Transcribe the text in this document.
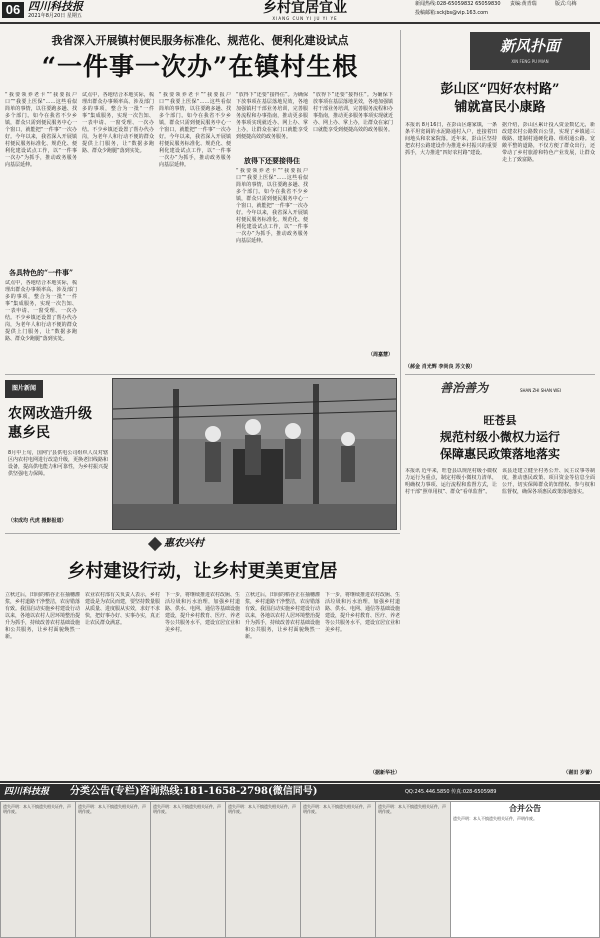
06 四川科技报
2021年8月20日 星期五	乡村宜居宜业
XIANG CUN YI JU YI YE
新闻热线:028-65059832 65059830 责编:黄青瑞	版式:乌梅
投稿邮箱:sckjbs@vip.163.com
我省深入开展镇村便民服务标准化、规范化、便利化建设试点
“一件事一次办”在镇村生根
“我要领养老卡”“我要报户口”“我要上医保”……这些看似简单的事情，以往要跑多趟、找多个部门。如今在我省不少乡镇，群众只需到便民服务中心一个窗口，就能把“一件事”一次办好。今年以来，我省深入开展镇村便民服务标准化、规范化、便利化建设试点工作，以“一件事一次办”为抓手，推动政务服务向基层延伸。
各具特色的“一件事”
试点中，各地结合本地实际，梳理出群众办事频率高、涉及部门多的事项，整合为一批“一件事”集成服务，实现一次告知、一表申请、一窗受理、一次办结。不少乡镇还设置了帮办代办岗，为老年人和行动不便的群众提供上门服务，让“数据多跑路、群众少跑腿”落到实处。
试点中，各地结合本地实际，梳理出群众办事频率高、涉及部门多的事项，整合为一批“一件事”集成服务，实现一次告知、一表申请、一窗受理、一次办结。不少乡镇还设置了帮办代办岗，为老年人和行动不便的群众提供上门服务，让“数据多跑路、群众少跑腿”落到实处。
“我要领养老卡”“我要报户口”“我要上医保”……这些看似简单的事情，以往要跑多趟、找多个部门。如今在我省不少乡镇，群众只需到便民服务中心一个窗口，就能把“一件事”一次办好。今年以来，我省深入开展镇村便民服务标准化、规范化、便利化建设试点工作，以“一件事一次办”为抓手，推动政务服务向基层延伸。
“放得下”还要“接得住”。为确保下放事项在基层落地见效，各地加强镇村干部业务培训，完善服务流程和办事指南，推动更多服务事项实现就近办、网上办、掌上办，让群众在家门口就能享受到便捷高效的政务服务。
放得下还要接得住
“我要领养老卡”“我要报户口”“我要上医保”……这些看似简单的事情，以往要跑多趟、找多个部门。如今在我省不少乡镇，群众只需到便民服务中心一个窗口，就能把“一件事”一次办好。今年以来，我省深入开展镇村便民服务标准化、规范化、便利化建设试点工作，以“一件事一次办”为抓手，推动政务服务向基层延伸。
“放得下”还要“接得住”。为确保下放事项在基层落地见效，各地加强镇村干部业务培训，完善服务流程和办事指南，推动更多服务事项实现就近办、网上办、掌上办，让群众在家门口就能享受到便捷高效的政务服务。
（周嘉慧）
图片新闻
农网改造升级 惠乡民
8月中上旬，国网宁县供电公司组织人员对辖区内农村电网进行改造升级，更换老旧线路和设备，提高供电能力和可靠性，为乡村振兴提供坚强电力保障。
（宋成均 代虎 摄影报道）
新风扑面
XIN FENG PU MIAN
彭山区“四好农村路”
铺就富民小康路
本报讯 8月16日，在彭山区谢家镇，一条条平坦宽阔的水泥路通村入户，连接着田间地头和农家院落。近年来，彭山区坚持把农村公路建设作为推进乡村振兴的重要抓手，大力推进“四好农村路”建设。
据介绍，彭山区累计投入资金数亿元，新改建农村公路数百公里，实现了乡镇通三级路、建制村通硬化路、组组通公路。宽敞平整的道路，不仅方便了群众出行，还带动了乡村旅游和特色产业发展，让群众走上了致富路。
（郝金 肖光辉 李尚良 苏文俊）
善治善为	SHAN ZHI SHAN WEI
旺苍县
规范村级小微权力运行
保障惠民政策落地落实
惠农兴村
乡村建设行动，让乡村更美更宜居
立秋过后，田间的稻谷正在抽穗灌浆，乡村道路干净整洁，农房错落有致。我国启动实施乡村建设行动以来，各地以农村人居环境整治提升为抓手，持续改善农村基础设施和公共服务，让乡村面貌焕然一新。
农业农村部有关负责人表示，乡村建设是为农民而建，要坚持数量服从质量、进度服从实效，求好不求快，把好事办好、实事办实，真正让农民群众满意。
下一步，将继续推进农村改厕、生活垃圾和污水治理，加强乡村道路、供水、电网、通信等基础设施建设，提升乡村教育、医疗、养老等公共服务水平，建设宜居宜业和美乡村。
立秋过后，田间的稻谷正在抽穗灌浆，乡村道路干净整洁，农房错落有致。我国启动实施乡村建设行动以来，各地以农村人居环境整治提升为抓手，持续改善农村基础设施和公共服务，让乡村面貌焕然一新。
下一步，将继续推进农村改厕、生活垃圾和污水治理，加强乡村道路、供水、电网、通信等基础设施建设，提升乡村教育、医疗、养老等公共服务水平，建设宜居宜业和美乡村。
（据新华社）
本报讯 近年来，旺苍县以规范村级小微权力运行为重点，制定村级小微权力清单，明确权力事项、运行流程和监督方式，让村干部“照单用权”、群众“看单监督”。
该县还建立健全村务公开、民主议事等制度，推动惠民政策、项目资金等信息全面公开，切实保障群众的知情权、参与权和监督权，确保各项惠民政策落地落实。
（谢田 岁蕾）
四川科技报 分类公告(专栏)咨询热线:181-1658-2798(微信同号)	QQ:245.446.5850 传真:028-6505989
遗失声明：本人不慎遗失相关证件，声明作废。
遗失声明：本人不慎遗失相关证件，声明作废。
遗失声明：本人不慎遗失相关证件，声明作废。
遗失声明：本人不慎遗失相关证件，声明作废。
遗失声明：本人不慎遗失相关证件，声明作废。
遗失声明：本人不慎遗失相关证件，声明作废。	合并公告
遗失声明：本人不慎遗失相关证件，声明作废。
